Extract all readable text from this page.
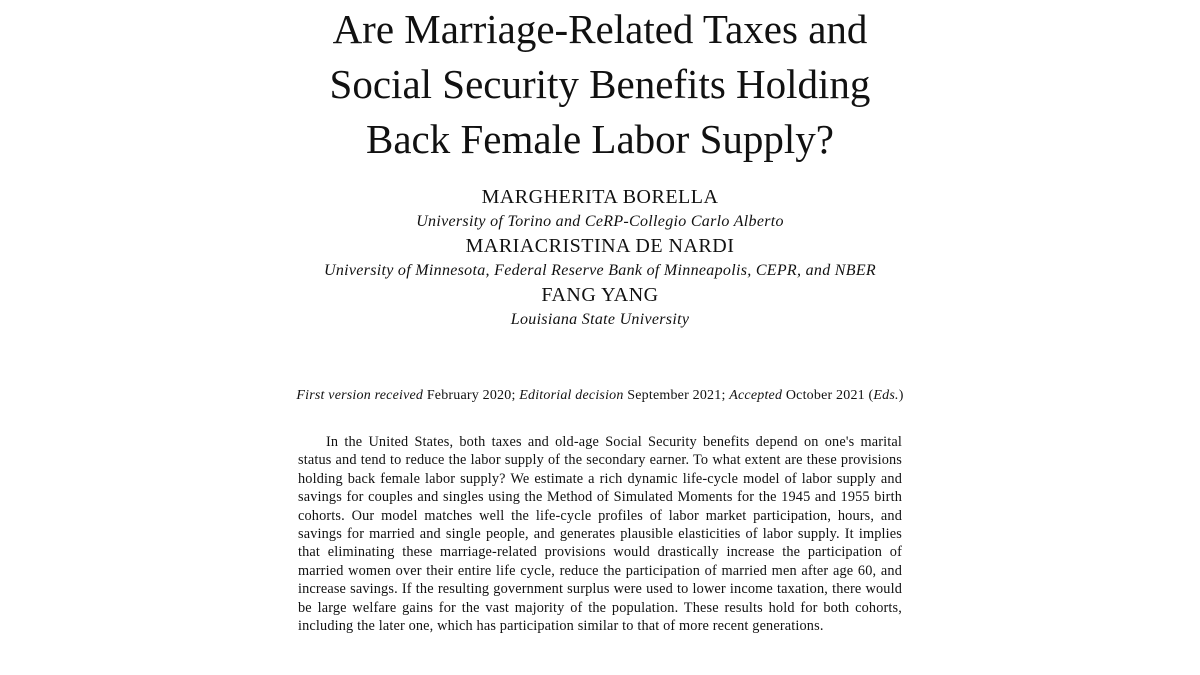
Are Marriage-Related Taxes and
Social Security Benefits Holding
Back Female Labor Supply?
MARGHERITA BORELLA
University of Torino and CeRP-Collegio Carlo Alberto
MARIACRISTINA DE NARDI
University of Minnesota, Federal Reserve Bank of Minneapolis, CEPR, and NBER
FANG YANG
Louisiana State University
First version received February 2020; Editorial decision September 2021; Accepted October 2021 (Eds.)

In the United States, both taxes and old-age Social Security benefits depend on one's marital status and tend to reduce the labor supply of the secondary earner. To what extent are these provisions holding back female labor supply? We estimate a rich dynamic life-cycle model of labor supply and savings for couples and singles using the Method of Simulated Moments for the 1945 and 1955 birth cohorts. Our model matches well the life-cycle profiles of labor market participation, hours, and savings for married and single people, and generates plausible elasticities of labor supply. It implies that eliminating these marriage-related provisions would drastically increase the participation of married women over their entire life cycle, reduce the participation of married men after age 60, and increase savings. If the resulting government surplus were used to lower income taxation, there would be large welfare gains for the vast majority of the population. These results hold for both cohorts, including the later one, which has participation similar to that of more recent generations.
